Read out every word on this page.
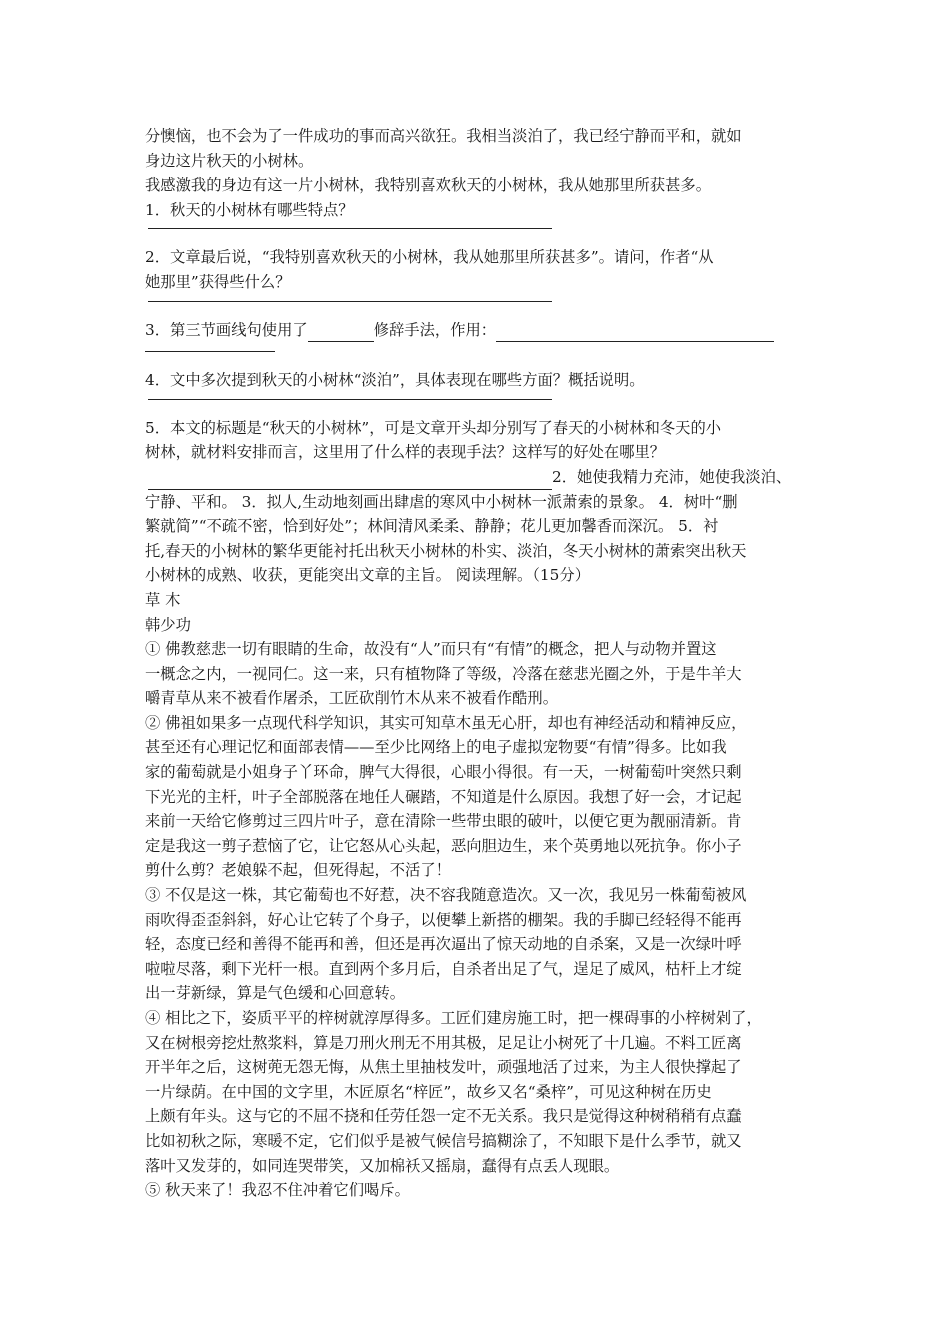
分懊恼，也不会为了一件成功的事而高兴欲狂。我相当淡泊了，我已经宁静而平和，就如
身边这片秋天的小树林。
我感激我的身边有这一片小树林，我特别喜欢秋天的小树林，我从她那里所获甚多。
1．秋天的小树林有哪些特点？
2．文章最后说，“我特别喜欢秋天的小树林，我从她那里所获甚多”。请问，作者“从
她那里”获得些什么？
3．第三节画线句使用了	修辞手法，作用：
4．文中多次提到秋天的小树林“淡泊”，具体表现在哪些方面？概括说明。
5．本文的标题是“秋天的小树林”，可是文章开头却分别写了春天的小树林和冬天的小
树林，就材料安排而言，这里用了什么样的表现手法？这样写的好处在哪里？
2．她使我精力充沛，她使我淡泊、
宁静、平和。 3．拟人,生动地刻画出肆虐的寒风中小树林一派萧索的景象。 4．树叶“删
繁就简”“不疏不密，恰到好处”；林间清风柔柔、静静；花儿更加馨香而深沉。 5．衬
托,春天的小树林的繁华更能衬托出秋天小树林的朴实、淡泊，冬天小树林的萧索突出秋天
小树林的成熟、收获，更能突出文章的主旨。 阅读理解。（15分）
草 木
韩少功
① 佛教慈悲一切有眼睛的生命，故没有“人”而只有“有情”的概念，把人与动物并置这
一概念之内，一视同仁。这一来，只有植物降了等级，冷落在慈悲光圈之外，于是牛羊大
嚼青草从来不被看作屠杀，工匠砍削竹木从来不被看作酷刑。
② 佛祖如果多一点现代科学知识，其实可知草木虽无心肝，却也有神经活动和精神反应，
甚至还有心理记忆和面部表情——至少比网络上的电子虚拟宠物要“有情”得多。比如我
家的葡萄就是小姐身子丫环命，脾气大得很，心眼小得很。有一天，一树葡萄叶突然只剩
下光光的主杆，叶子全部脱落在地任人碾踏，不知道是什么原因。我想了好一会，才记起
来前一天给它修剪过三四片叶子，意在清除一些带虫眼的破叶，以便它更为靓丽清新。肯
定是我这一剪子惹恼了它，让它怒从心头起，恶向胆边生，来个英勇地以死抗争。你小子
剪什么剪？老娘躲不起，但死得起，不活了！
③ 不仅是这一株，其它葡萄也不好惹，决不容我随意造次。又一次，我见另一株葡萄被风
雨吹得歪歪斜斜，好心让它转了个身子，以便攀上新搭的棚架。我的手脚已经轻得不能再
轻，态度已经和善得不能再和善，但还是再次逼出了惊天动地的自杀案，又是一次绿叶呼
啦啦尽落，剩下光杆一根。直到两个多月后，自杀者出足了气，逞足了威风，枯杆上才绽
出一芽新绿，算是气色缓和心回意转。
④ 相比之下，姿质平平的梓树就淳厚得多。工匠们建房施工时，把一棵碍事的小梓树剁了，
又在树根旁挖灶熬浆料，算是刀刑火刑无不用其极，足足让小树死了十几遍。不料工匠离
开半年之后，这树蔸无怨无悔，从焦土里抽枝发叶，顽强地活了过来，为主人很快撑起了
一片绿荫。在中国的文字里，木匠原名“梓匠”，故乡又名“桑梓”，可见这种树在历史
上颇有年头。这与它的不屈不挠和任劳任怨一定不无关系。我只是觉得这种树稍稍有点蠢
比如初秋之际，寒暖不定，它们似乎是被气候信号搞糊涂了，不知眼下是什么季节，就又
落叶又发芽的，如同连哭带笑，又加棉袄又摇扇，蠢得有点丢人现眼。
⑤ 秋天来了！我忍不住冲着它们喝斥。
